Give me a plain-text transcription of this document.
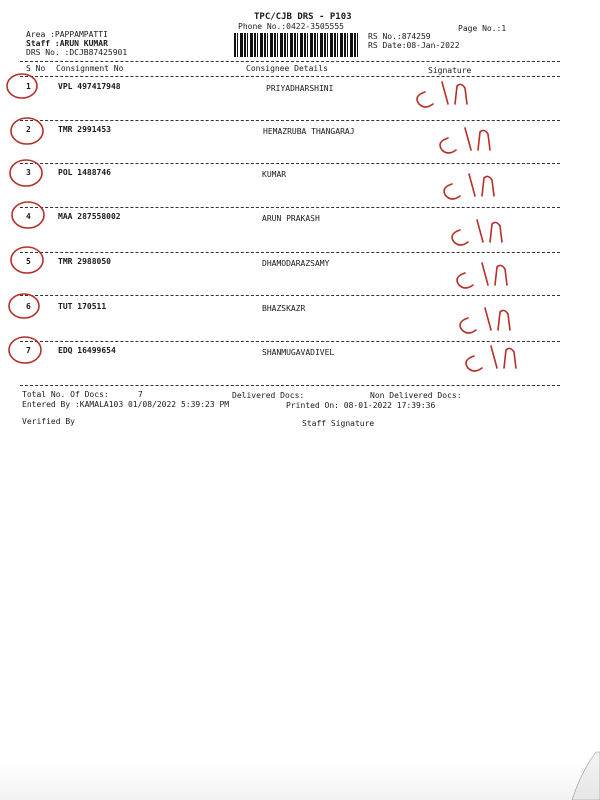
TPC/CJB DRS - P103
Phone No.:0422-3505555	Page No.:1
Area :PAPPAMPATTI
Staff :ARUN KUMAR
DRS No. :DCJB87425901
RS No.:874259
RS Date:08-Jan-2022
S No Consignment No	Consignee Details	Signature
1	VPL 497417948	PRIYADHARSHINI
2	TMR 2991453	HEMAZRUBA THANGARAJ
3	POL 1488746	KUMAR
4	MAA 287558002	ARUN PRAKASH
5	TMR 2988050	DHAMODARAZSAMY
6	TUT 170511	BHAZSKAZR
7	EDQ 16499654	SHANMUGAVADIVEL
Total No. Of Docs:	7	Delivered Docs:	Non Delivered Docs:
Entered By :KAMALA103 01/08/2022 5:39:23 PM	Printed On: 08-01-2022 17:39:36
Verified By	Staff Signature
